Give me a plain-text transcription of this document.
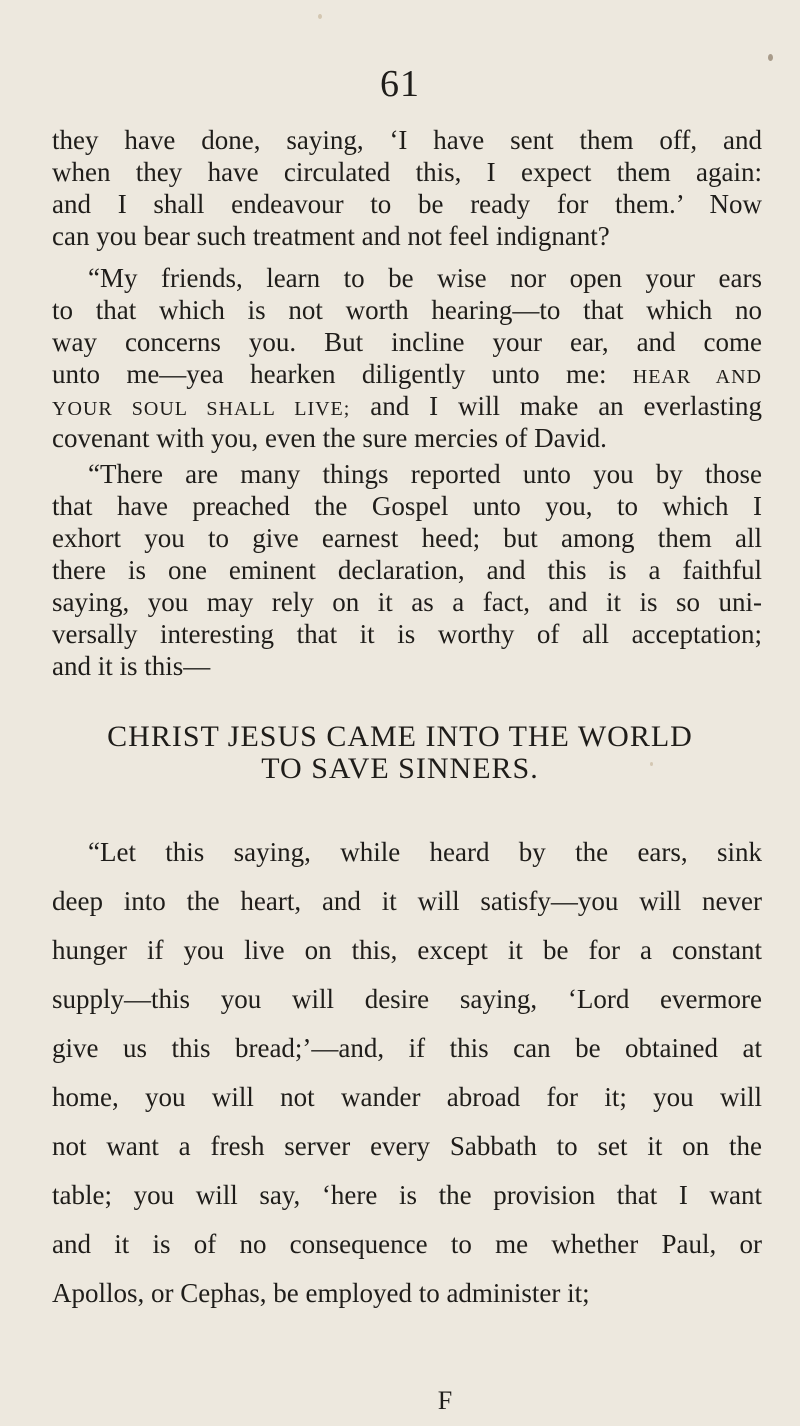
61
they have done, saying, ‘I have sent them off, and
when they have circulated this, I expect them again:
and I shall endeavour to be ready for them.’ Now
can you bear such treatment and not feel indignant?
“My friends, learn to be wise nor open your ears
to that which is not worth hearing—to that which no
way concerns you. But incline your ear, and come
unto me—yea hearken diligently unto me: HEAR AND
YOUR SOUL SHALL LIVE; and I will make an everlasting
covenant with you, even the sure mercies of David.
“There are many things reported unto you by those
that have preached the Gospel unto you, to which I
exhort you to give earnest heed; but among them all
there is one eminent declaration, and this is a faithful
saying, you may rely on it as a fact, and it is so uni-
versally interesting that it is worthy of all acceptation;
and it is this—
CHRIST JESUS CAME INTO THE WORLD
TO SAVE SINNERS.
“Let this saying, while heard by the ears, sink
deep into the heart, and it will satisfy—you will never
hunger if you live on this, except it be for a constant
supply—this you will desire saying, ‘Lord evermore
give us this bread;’—and, if this can be obtained at
home, you will not wander abroad for it; you will
not want a fresh server every Sabbath to set it on the
table; you will say, ‘here is the provision that I want
and it is of no consequence to me whether Paul, or
Apollos, or Cephas, be employed to administer it;
F
